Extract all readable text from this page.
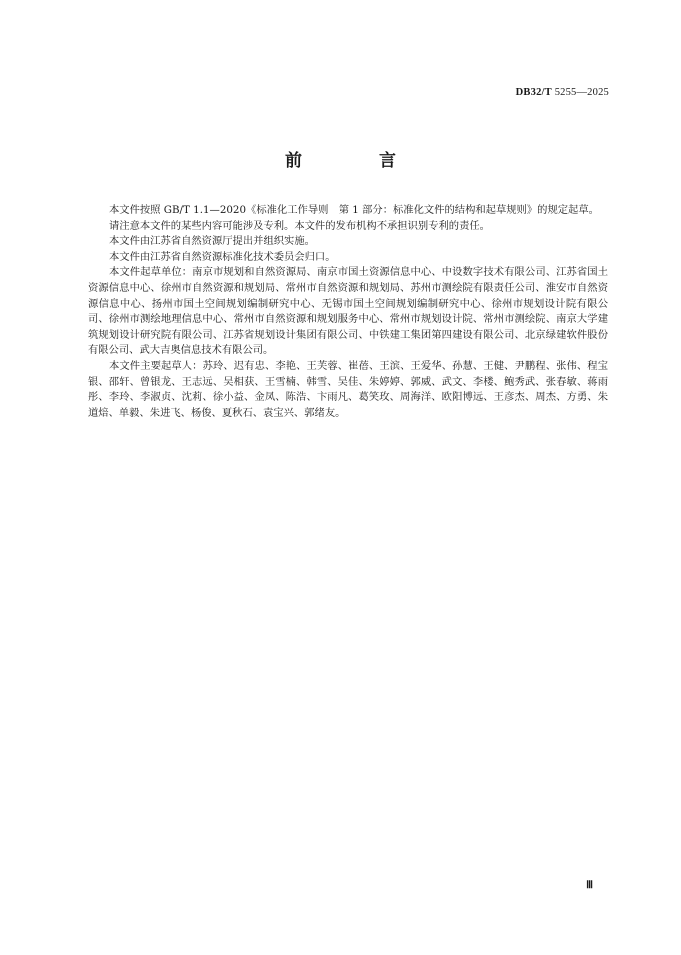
DB32/T 5255—2025
前　言

本文件按照 GB/T 1.1—2020《标准化工作导则　第 1 部分：标准化文件的结构和起草规则》的规定起草。

请注意本文件的某些内容可能涉及专利。本文件的发布机构不承担识别专利的责任。

本文件由江苏省自然资源厅提出并组织实施。

本文件由江苏省自然资源标准化技术委员会归口。

本文件起草单位：南京市规划和自然资源局、南京市国土资源信息中心、中设数字技术有限公司、江苏省国土资源信息中心、徐州市自然资源和规划局、常州市自然资源和规划局、苏州市测绘院有限责任公司、淮安市自然资源信息中心、扬州市国土空间规划编制研究中心、无锡市国土空间规划编制研究中心、徐州市规划设计院有限公司、徐州市测绘地理信息中心、常州市自然资源和规划服务中心、常州市规划设计院、常州市测绘院、南京大学建筑规划设计研究院有限公司、江苏省规划设计集团有限公司、中铁建工集团第四建设有限公司、北京绿建软件股份有限公司、武大吉奥信息技术有限公司。

本文件主要起草人：苏玲、迟有忠、李艳、王芙蓉、崔蓓、王滨、王爱华、孙慧、王健、尹鹏程、张伟、程宝银、邵轩、曾银龙、王志远、吴相获、王雪楠、韩雪、吴佳、朱婷婷、郭威、武文、李楼、鲍秀武、张春敏、蒋雨彤、李玲、李淑贞、沈莉、徐小益、金凤、陈浩、卞雨凡、葛笑玫、周海洋、欧阳博远、王彦杰、周杰、方勇、朱道焙、单毅、朱进飞、杨俊、夏秋石、袁宝兴、郭绪友。

Ⅲ
